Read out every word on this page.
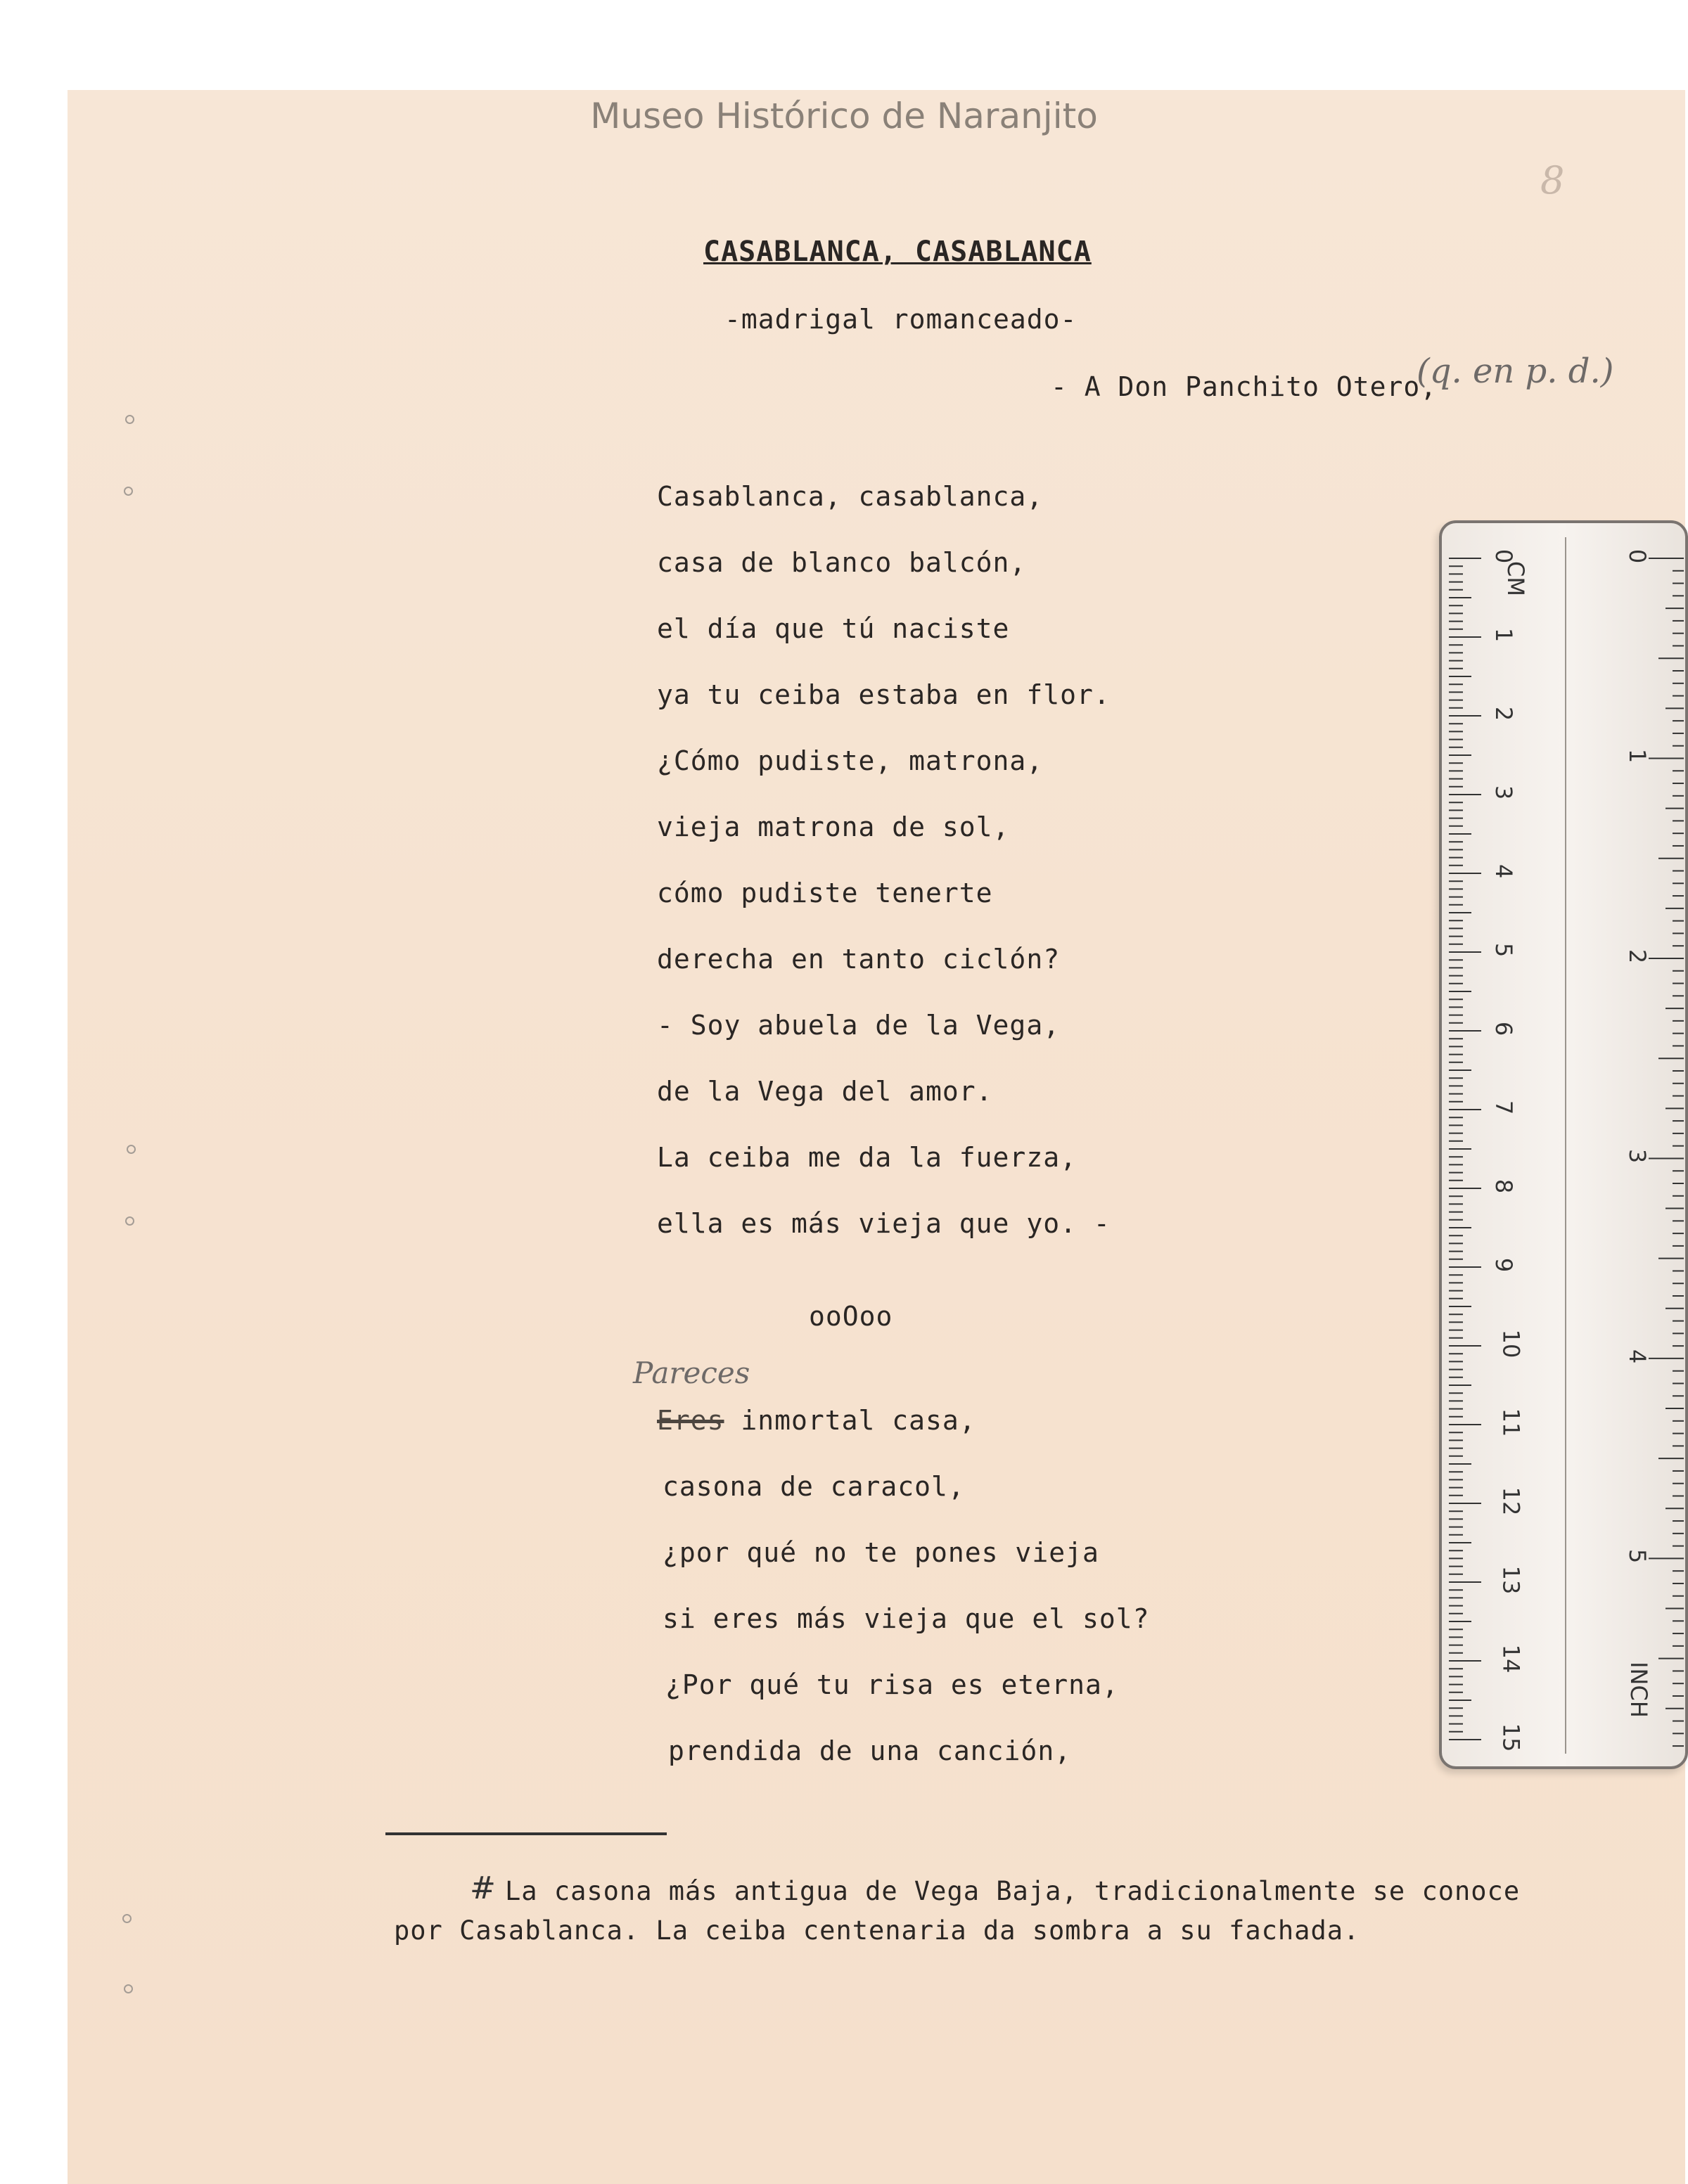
Museo Histórico de Naranjito
8
CASABLANCA, CASABLANCA
-madrigal romanceado-
- A Don Panchito Otero,
(q. en p. d.)
Casablanca, casablanca,
casa de blanco balcón,
el día que tú naciste
ya tu ceiba estaba en flor.
¿Cómo pudiste, matrona,
vieja matrona de sol,
cómo pudiste tenerte
derecha en tanto ciclón?
- Soy abuela de la Vega,
de la Vega del amor.
La ceiba me da la fuerza,
ella es más vieja que yo. -
ooOoo
Pareces
Eres inmortal casa,
casona de caracol,
¿por qué no te pones vieja
si eres más vieja que el sol?
¿Por qué tu risa es eterna,
prendida de una canción,
# La casona más antigua de Vega Baja, tradicionalmente se conoce
por Casablanca. La ceiba centenaria da sombra a su fachada.
CM
INCH
0
1
2
3
4
5
6
7
8
9
10
11
12
13
14
15
0
1
2
3
4
5
